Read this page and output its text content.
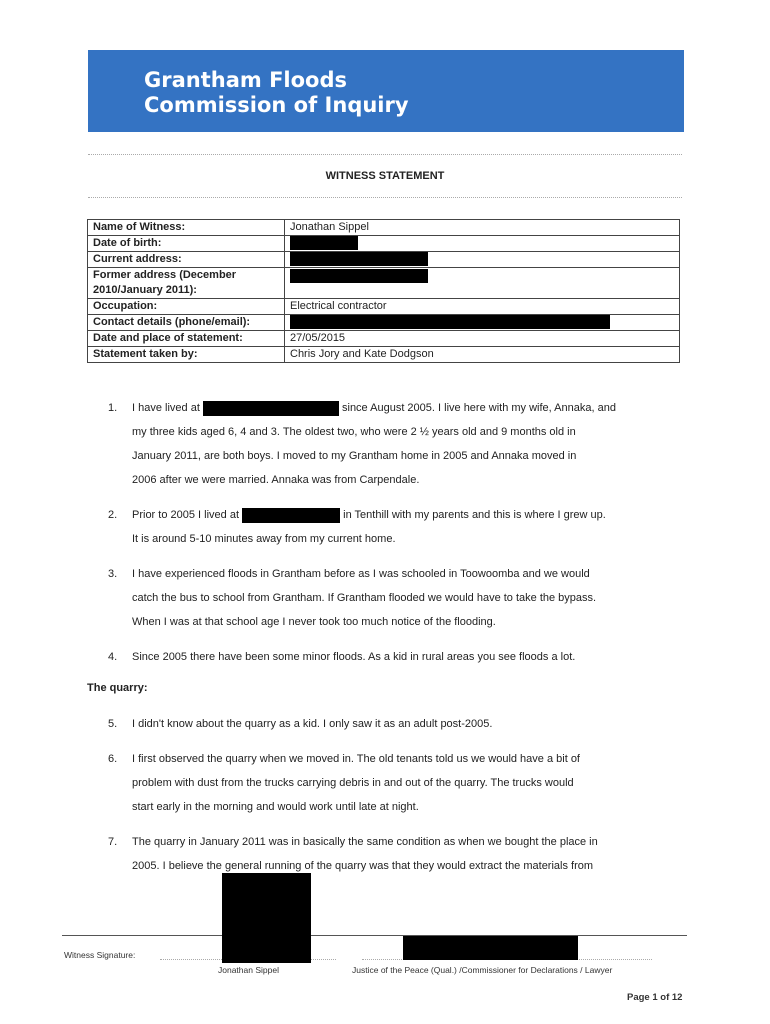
Grantham Floods
Commission of Inquiry
WITNESS STATEMENT
Name of Witness:	Jonathan Sippel
Date of birth:	
Current address:	

Former address (December
2010/January 2011):	

Occupation:	Electrical contractor
Contact details (phone/email):	
Date and place of statement:	27/05/2015
Statement taken by:	Chris Jory and Kate Dodgson
1. I have lived at	since August 2005. I live here with my wife, Annaka, and
my three kids aged 6, 4 and 3. The oldest two, who were 2 ½ years old and 9 months old in
January 2011, are both boys. I moved to my Grantham home in 2005 and Annaka moved in
2006 after we were married. Annaka was from Carpendale.
2. Prior to 2005 I lived at	in Tenthill with my parents and this is where I grew up.
It is around 5-10 minutes away from my current home.
3. I have experienced floods in Grantham before as I was schooled in Toowoomba and we would
catch the bus to school from Grantham. If Grantham flooded we would have to take the bypass.
When I was at that school age I never took too much notice of the flooding.
4. Since 2005 there have been some minor floods. As a kid in rural areas you see floods a lot.
The quarry:
5. I didn't know about the quarry as a kid. I only saw it as an adult post-2005.
6. I first observed the quarry when we moved in. The old tenants told us we would have a bit of
problem with dust from the trucks carrying debris in and out of the quarry. The trucks would
start early in the morning and would work until late at night.
7. The quarry in January 2011 was in basically the same condition as when we bought the place in
2005. I believe the general running of the quarry was that they would extract the materials from
Witness Signature:
Jonathan Sippel	Justice of the Peace (Qual.) /Commissioner for Declarations / Lawyer
Page 1 of 12
